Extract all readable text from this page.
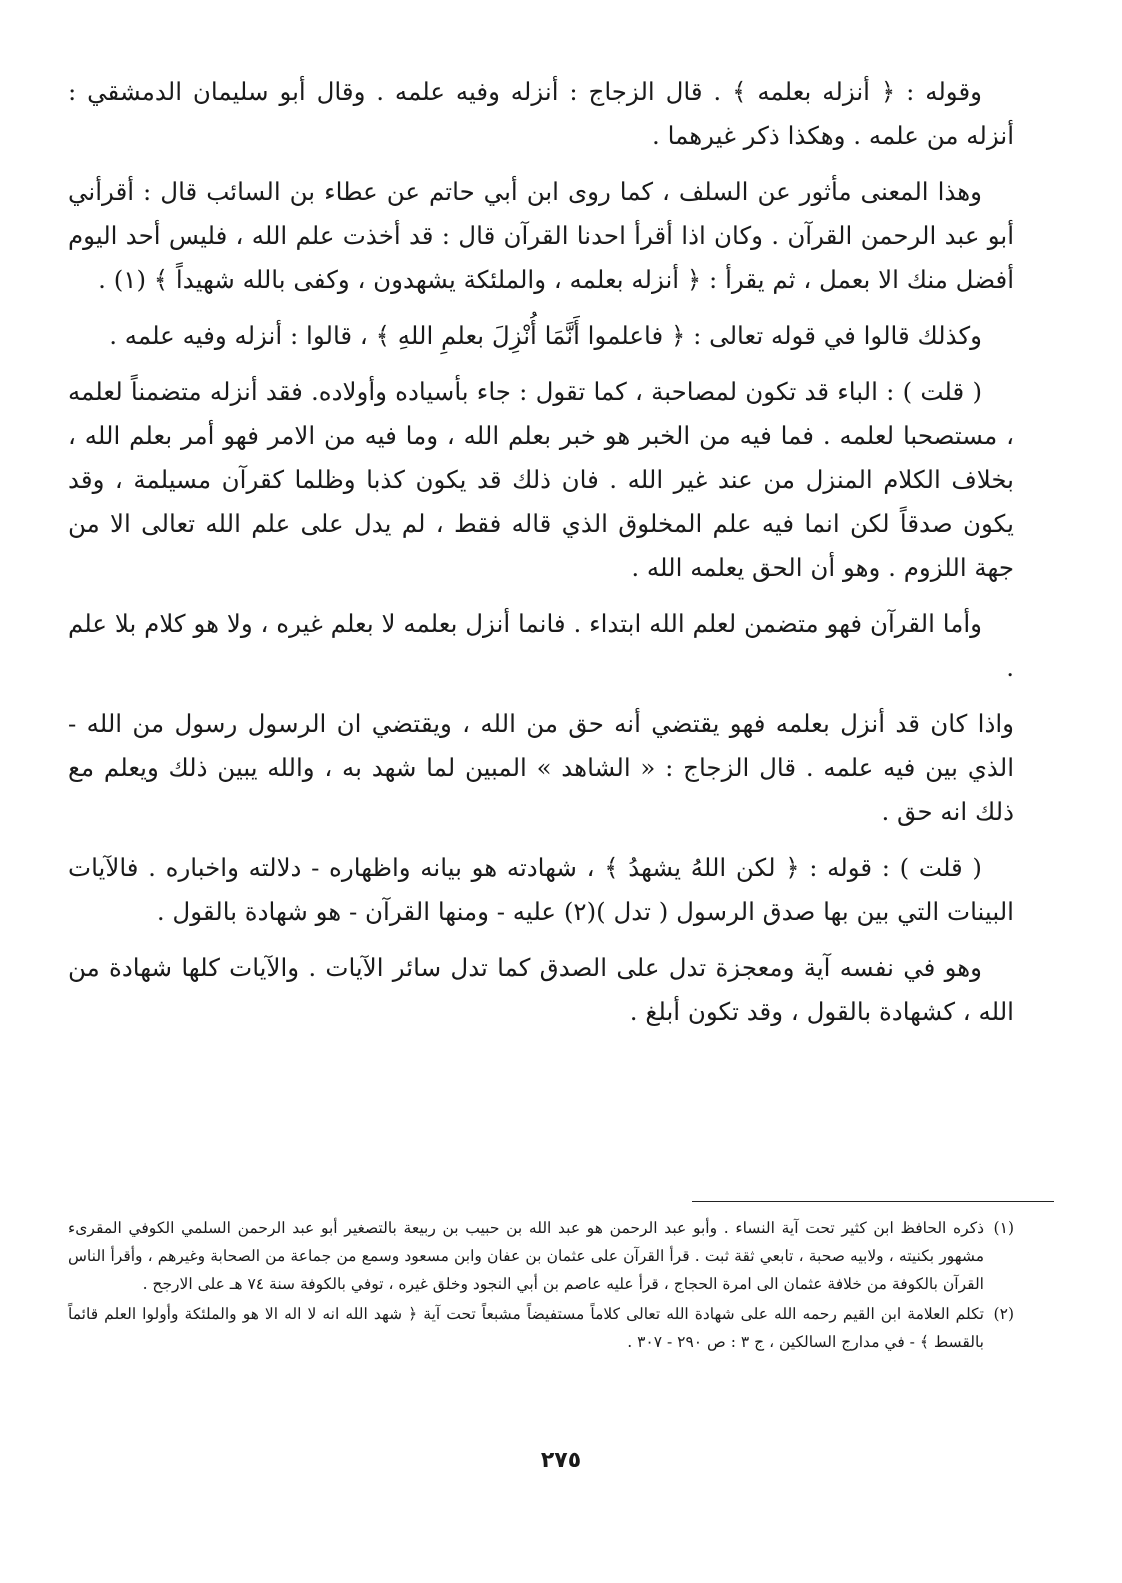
وقوله : ﴿ أنزله بعلمه ﴾ . قال الزجاج : أنزله وفيه علمه . وقال أبو سليمان الدمشقي : أنزله من علمه . وهكذا ذكر غيرهما .

وهذا المعنى مأثور عن السلف ، كما روى ابن أبي حاتم عن عطاء بن السائب قال : أقرأني أبو عبد الرحمن القرآن . وكان اذا أقرأ احدنا القرآن قال : قد أخذت علم الله ، فليس أحد اليوم أفضل منك الا بعمل ، ثم يقرأ : ﴿ أنزله بعلمه ، والملئكة يشهدون ، وكفى بالله شهيداً ﴾ (١) .

وكذلك قالوا في قوله تعالى : ﴿ فاعلموا أَنَّمَا أُنْزِلَ بعلمِ اللهِ ﴾ ، قالوا : أنزله وفيه علمه .

( قلت ) : الباء قد تكون لمصاحبة ، كما تقول : جاء بأسياده وأولاده. فقد أنزله متضمناً لعلمه ، مستصحبا لعلمه . فما فيه من الخبر هو خبر بعلم الله ، وما فيه من الامر فهو أمر بعلم الله ، بخلاف الكلام المنزل من عند غير الله . فان ذلك قد يكون كذبا وظلما كقرآن مسيلمة ، وقد يكون صدقاً لكن انما فيه علم المخلوق الذي قاله فقط ، لم يدل على علم الله تعالى الا من جهة اللزوم . وهو أن الحق يعلمه الله .

وأما القرآن فهو متضمن لعلم الله ابتداء . فانما أنزل بعلمه لا بعلم غيره ، ولا هو كلام بلا علم .

واذا كان قد أنزل بعلمه فهو يقتضي أنه حق من الله ، ويقتضي ان الرسول رسول من الله - الذي بين فيه علمه . قال الزجاج : « الشاهد » المبين لما شهد به ، والله يبين ذلك ويعلم مع ذلك انه حق .

( قلت ) : قوله : ﴿ لكن اللهُ يشهدُ ﴾ ، شهادته هو بيانه واظهاره - دلالته واخباره . فالآيات البينات التي بين بها صدق الرسول ( تدل )(٢) عليه - ومنها القرآن - هو شهادة بالقول .

وهو في نفسه آية ومعجزة تدل على الصدق كما تدل سائر الآيات . والآيات كلها شهادة من الله ، كشهادة بالقول ، وقد تكون أبلغ .

(١)
ذكره الحافظ ابن كثير تحت آية النساء . وأبو عبد الرحمن هو عبد الله بن حبيب بن ربيعة بالتصغير أبو عبد الرحمن السلمي الكوفي المقرىء مشهور بكنيته ، ولابيه صحبة ، تابعي ثقة ثبت . قرأ القرآن على عثمان بن عفان وابن مسعود وسمع من جماعة من الصحابة وغيرهم ، وأقرأ الناس القرآن بالكوفة من خلافة عثمان الى امرة الحجاج ، قرأ عليه عاصم بن أبي النجود وخلق غيره ، توفي بالكوفة سنة ٧٤ هـ على الارجح .

(٢)
تكلم العلامة ابن القيم رحمه الله على شهادة الله تعالى كلاماً مستفيضاً مشبعاً تحت آية ﴿ شهد الله انه لا اله الا هو والملئكة وأولوا العلم قائماً بالقسط ﴾ - في مدارج السالكين ، ج ٣ : ص ٢٩٠ - ٣٠٧ .

٢٧٥
